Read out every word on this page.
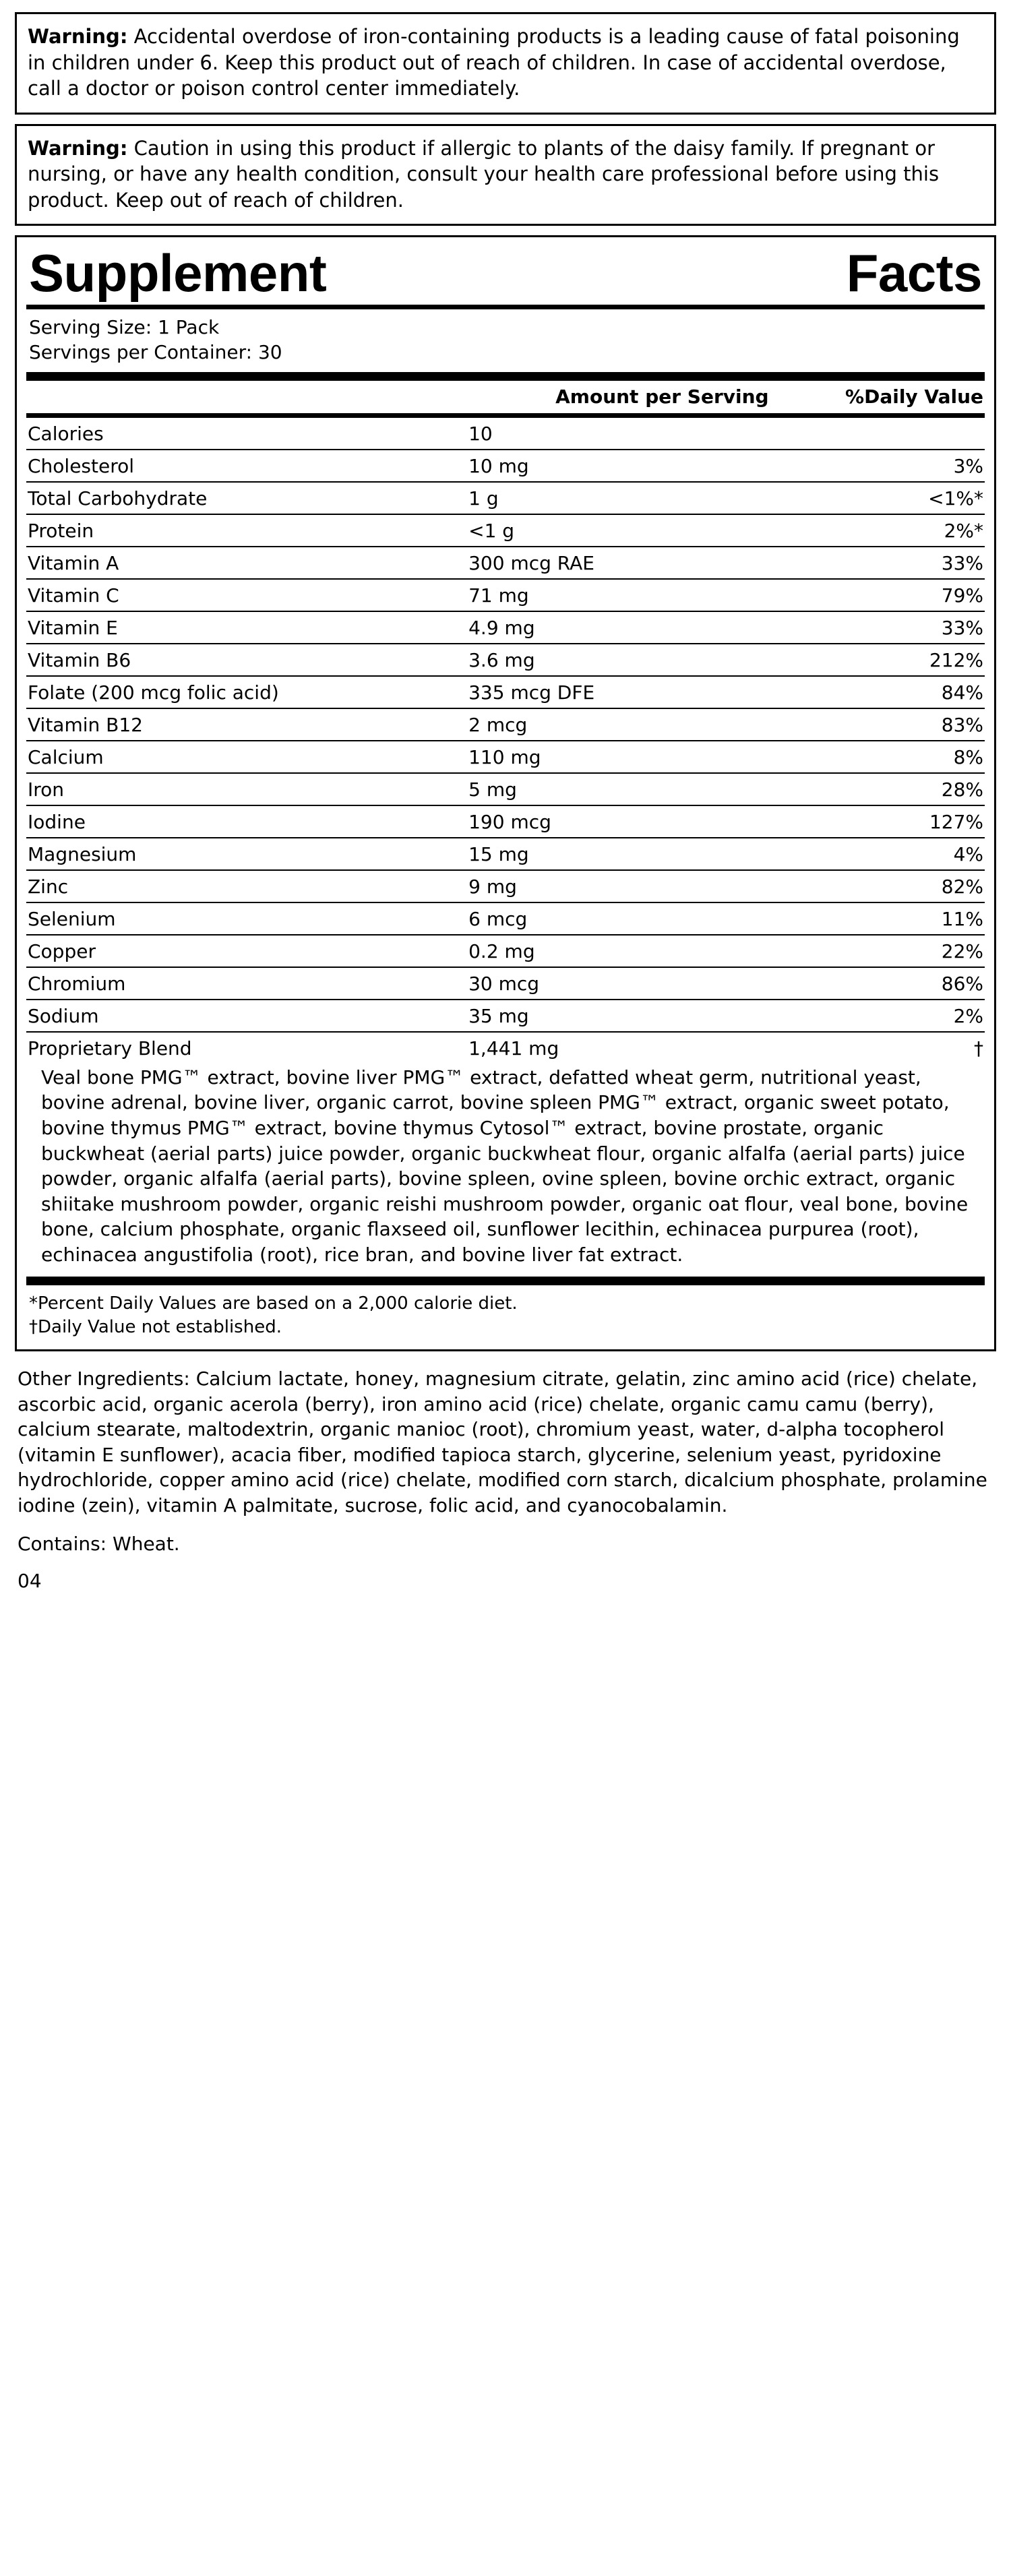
Warning: Accidental overdose of iron-containing products is a leading cause of fatal poisoning in children under 6. Keep this product out of reach of children. In case of accidental overdose, call a doctor or poison control center immediately.

Warning: Caution in using this product if allergic to plants of the daisy family. If pregnant or nursing, or have any health condition, consult your health care professional before using this product. Keep out of reach of children.

Supplement	Facts
Serving Size: 1 Pack
Servings per Container: 30
	Amount per Serving	%Daily Value
Calories	10	
Cholesterol	10 mg	3%
Total Carbohydrate	1 g	<1%*
Protein	<1 g	2%*
Vitamin A	300 mcg RAE	33%
Vitamin C	71 mg	79%
Vitamin E	4.9 mg	33%
Vitamin B6	3.6 mg	212%
Folate (200 mcg folic acid)	335 mcg DFE	84%
Vitamin B12	2 mcg	83%
Calcium	110 mg	8%
Iron	5 mg	28%
Iodine	190 mcg	127%
Magnesium	15 mg	4%
Zinc	9 mg	82%
Selenium	6 mcg	11%
Copper	0.2 mg	22%
Chromium	30 mcg	86%
Sodium	35 mg	2%
Proprietary Blend	1,441 mg	†
Veal bone PMG™ extract, bovine liver PMG™ extract, defatted wheat germ, nutritional yeast, bovine adrenal, bovine liver, organic carrot, bovine spleen PMG™ extract, organic sweet potato, bovine thymus PMG™ extract, bovine thymus Cytosol™ extract, bovine prostate, organic buckwheat (aerial parts) juice powder, organic buckwheat flour, organic alfalfa (aerial parts) juice powder, organic alfalfa (aerial parts), bovine spleen, ovine spleen, bovine orchic extract, organic shiitake mushroom powder, organic reishi mushroom powder, organic oat flour, veal bone, bovine bone, calcium phosphate, organic flaxseed oil, sunflower lecithin, echinacea purpurea (root), echinacea angustifolia (root), rice bran, and bovine liver fat extract.
*Percent Daily Values are based on a 2,000 calorie diet.
†Daily Value not established.
Other Ingredients: Calcium lactate, honey, magnesium citrate, gelatin, zinc amino acid (rice) chelate, ascorbic acid, organic acerola (berry), iron amino acid (rice) chelate, organic camu camu (berry), calcium stearate, maltodextrin, organic manioc (root), chromium yeast, water, d-alpha tocopherol (vitamin E sunflower), acacia fiber, modified tapioca starch, glycerine, selenium yeast, pyridoxine hydrochloride, copper amino acid (rice) chelate, modified corn starch, dicalcium phosphate, prolamine iodine (zein), vitamin A palmitate, sucrose, folic acid, and cyanocobalamin.
Contains: Wheat.
04
